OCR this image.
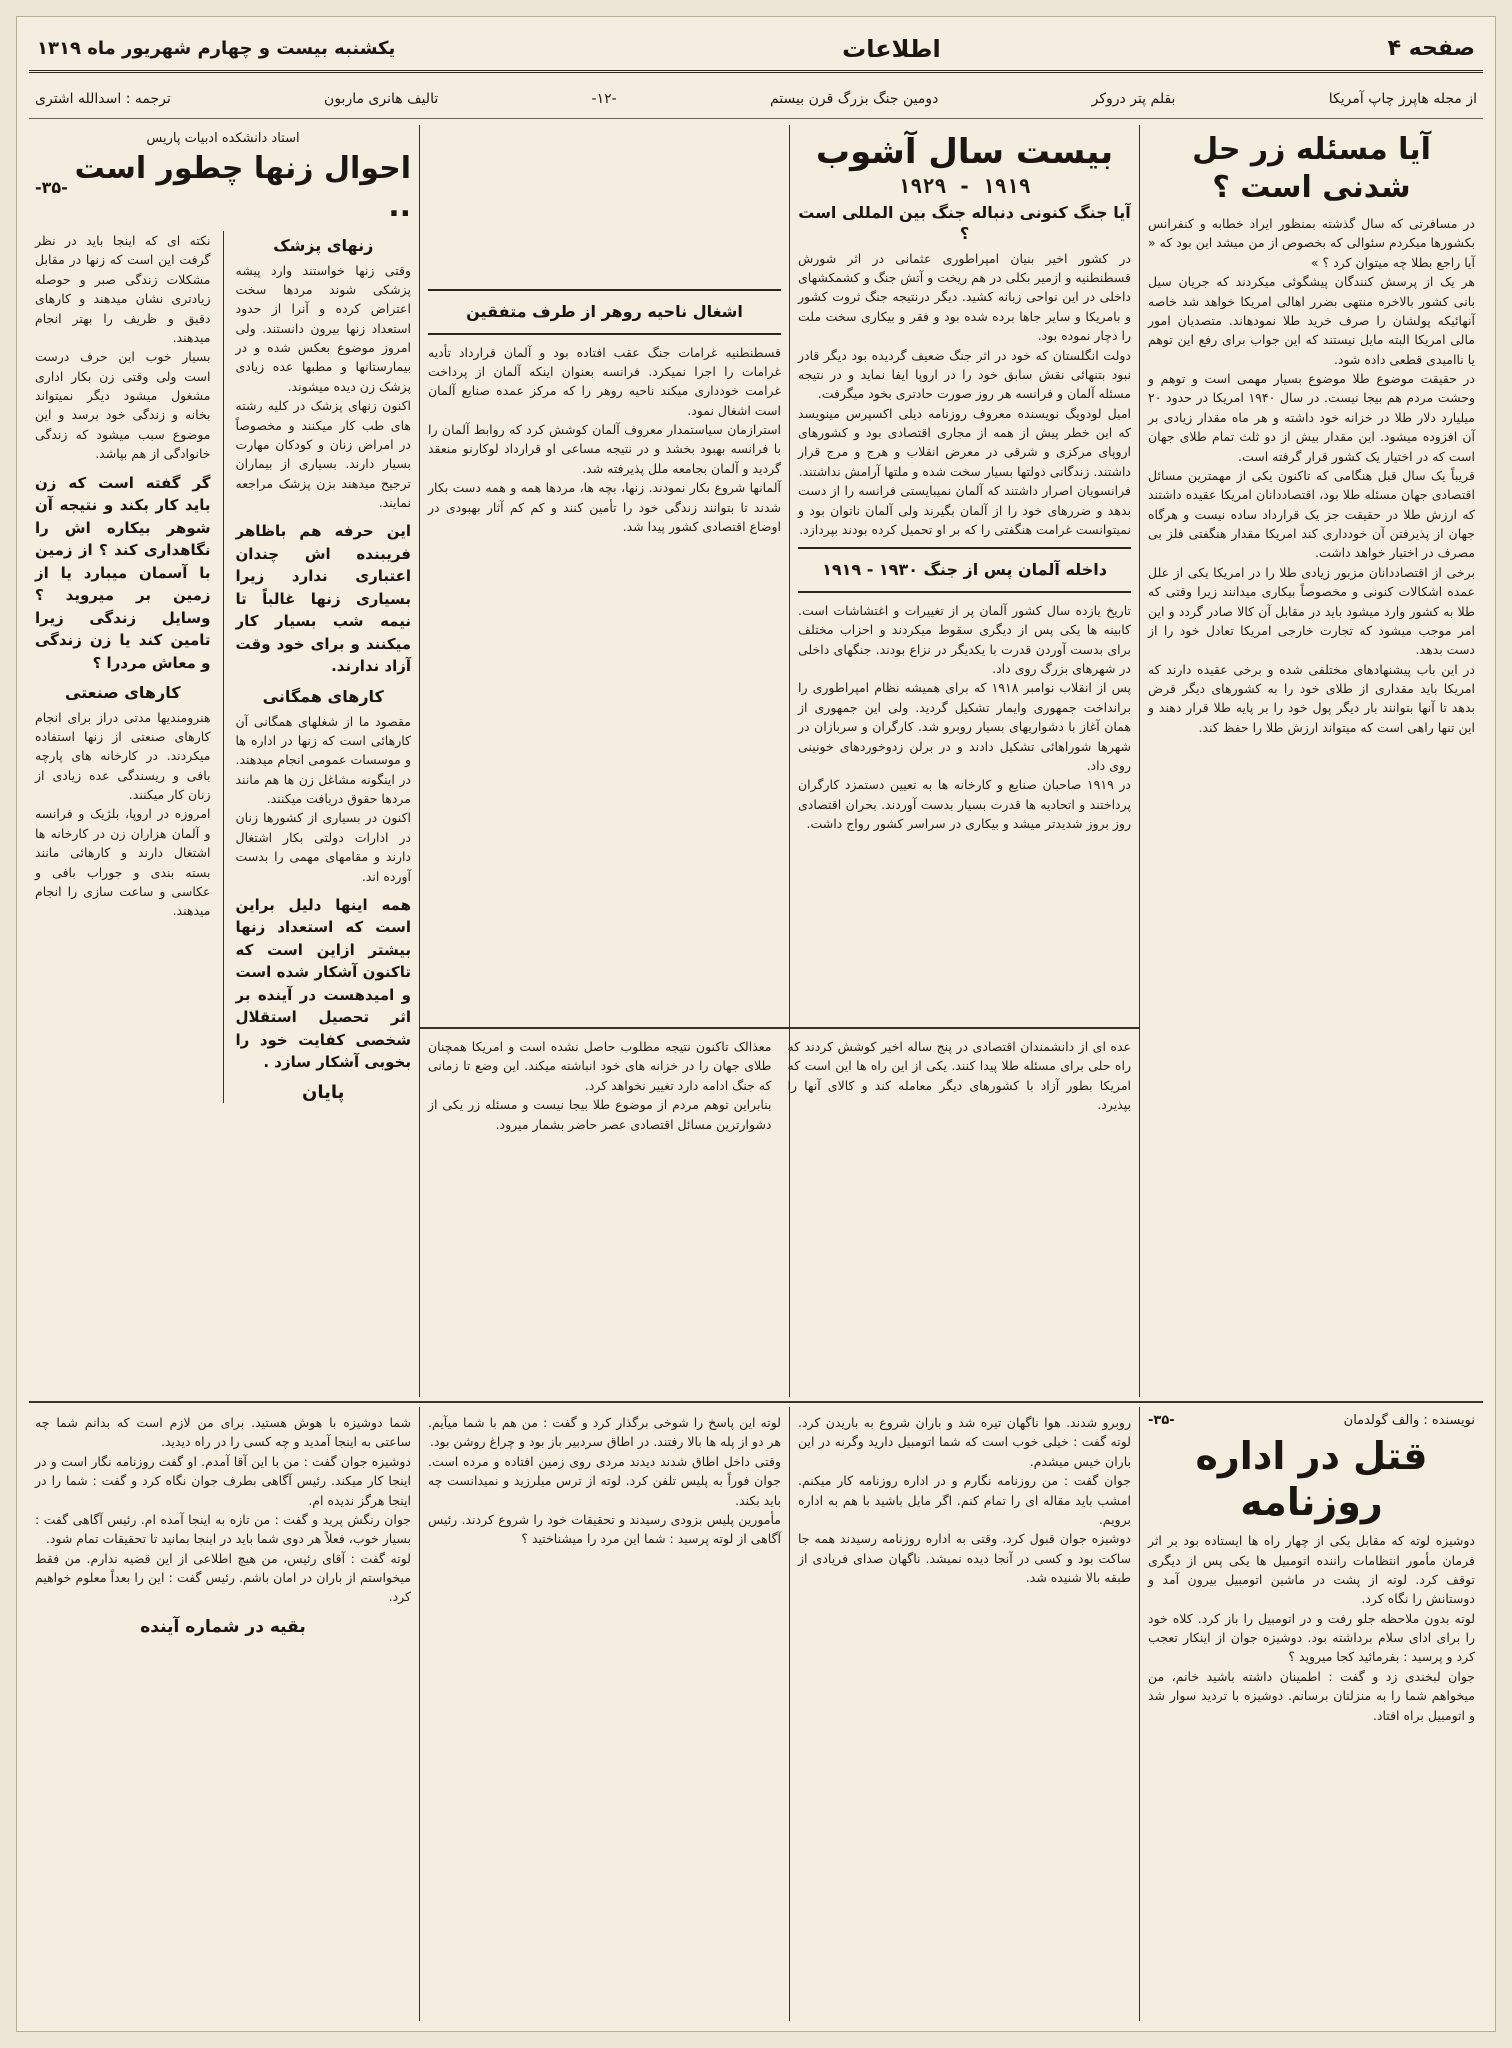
صفحه ۴
اطلاعات
یکشنبه بیست و چهارم شهریور ماه ۱۳۱۹
از مجله هاپرز چاپ آمریکا
بقلم پتر دروکر
دومین جنگ بزرگ قرن بیستم
-۱۲-
تالیف هانری ماربون
ترجمه : اسدالله اشتری
آیا مسئله زر حل شدنی است ؟

در مسافرتی که سال گذشته بمنظور ایراد خطابه و کنفرانس بکشورها میکردم سئوالی که بخصوص از من میشد این بود که « آیا راجع بطلا چه میتوان کرد ؟ »

هر یک از پرسش کنندگان پیشگوئی میکردند که جریان سیل بانی کشور بالاخره منتهی بضرر اهالی امریکا خواهد شد خاصه آنهائیکه پولشان را صرف خرید طلا نمودهاند. متصدیان امور مالی امریکا البته مایل نیستند که این جواب برای رفع این توهم یا ناامیدی قطعی داده شود.

در حقیقت موضوع طلا موضوع بسیار مهمی است و توهم و وحشت مردم هم بیجا نیست. در سال ۱۹۴۰ امریکا در حدود ۲۰ میلیارد دلار طلا در خزانه خود داشته و هر ماه مقدار زیادی بر آن افزوده میشود. این مقدار بیش از دو ثلث تمام طلای جهان است که در اختیار یک کشور قرار گرفته است.

قریباً یک سال قبل هنگامی که تاکنون یکی از مهمترین مسائل اقتصادی جهان مسئله طلا بود، اقتصاددانان امریکا عقیده داشتند که ارزش طلا در حقیقت جز یک قرارداد ساده نیست و هرگاه جهان از پذیرفتن آن خودداری کند امریکا مقدار هنگفتی فلز بی مصرف در اختیار خواهد داشت.

برخی از اقتصاددانان مزبور زیادی طلا را در امریکا یکی از علل عمده اشکالات کنونی و مخصوصاً بیکاری میدانند زیرا وقتی که طلا به کشور وارد میشود باید در مقابل آن کالا صادر گردد و این امر موجب میشود که تجارت خارجی امریکا تعادل خود را از دست بدهد.

در این باب پیشنهادهای مختلفی شده و برخی عقیده دارند که امریکا باید مقداری از طلای خود را به کشورهای دیگر قرض بدهد تا آنها بتوانند بار دیگر پول خود را بر پایه طلا قرار دهند و این تنها راهی است که میتواند ارزش طلا را حفظ کند.

بیست سال آشوب
۱۹۱۹ - ۱۹۲۹
آیا جنگ کنونی دنباله جنگ بین المللی است ؟

در کشور اخیر بنیان امپراطوری عثمانی در اثر شورش قسطنطنیه و ازمیر بکلی در هم ریخت و آتش جنگ و کشمکشهای داخلی در این نواحی زبانه کشید. دیگر درنتیجه جنگ ثروت کشور و بامریکا و سایر جاها برده شده بود و فقر و بیکاری سخت ملت را دچار نموده بود.

دولت انگلستان که خود در اثر جنگ ضعیف گردیده بود دیگر قادر نبود بتنهائی نقش سابق خود را در اروپا ایفا نماید و در نتیجه مسئله آلمان و فرانسه هر روز صورت حادتری بخود میگرفت.

امیل لودویگ نویسنده معروف روزنامه دیلی اکسپرس مینویسد که این خطر پیش از همه از مجاری اقتصادی بود و کشورهای اروپای مرکزی و شرقی در معرض انقلاب و هرج و مرج قرار داشتند. زندگانی دولتها بسیار سخت شده و ملتها آرامش نداشتند.

فرانسویان اصرار داشتند که آلمان نمیبایستی فرانسه را از دست بدهد و ضررهای خود را از آلمان بگیرند ولی آلمان ناتوان بود و نمیتوانست غرامت هنگفتی را که بر او تحمیل کرده بودند بپردازد.

داخله آلمان پس از جنگ ۱۹۳۰ - ۱۹۱۹

تاریخ یازده سال کشور آلمان پر از تغییرات و اغتشاشات است. کابینه ها یکی پس از دیگری سقوط میکردند و احزاب مختلف برای بدست آوردن قدرت با یکدیگر در نزاع بودند. جنگهای داخلی در شهرهای بزرگ روی داد.

پس از انقلاب نوامبر ۱۹۱۸ که برای همیشه نظام امپراطوری را برانداخت جمهوری وایمار تشکیل گردید. ولی این جمهوری از همان آغاز با دشواریهای بسیار روبرو شد. کارگران و سربازان در شهرها شوراهائی تشکیل دادند و در برلن زدوخوردهای خونینی روی داد.

در ۱۹۱۹ صاحبان صنایع و کارخانه ها به تعیین دستمزد کارگران پرداختند و اتحادیه ها قدرت بسیار بدست آوردند. بحران اقتصادی روز بروز شدیدتر میشد و بیکاری در سراسر کشور رواج داشت.

اشغال ناحیه روهر از طرف متفقین

قسطنطنیه غرامات جنگ عقب افتاده بود و آلمان قرارداد تأدیه غرامات را اجرا نمیکرد. فرانسه بعنوان اینکه آلمان از پرداخت غرامت خودداری میکند ناحیه روهر را که مرکز عمده صنایع آلمان است اشغال نمود.

استرازمان سیاستمدار معروف آلمان کوشش کرد که روابط آلمان را با فرانسه بهبود بخشد و در نتیجه مساعی او قرارداد لوکارنو منعقد گردید و آلمان بجامعه ملل پذیرفته شد.

آلمانها شروع بکار نمودند. زنها، بچه ها، مردها همه و همه دست بکار شدند تا بتوانند زندگی خود را تأمین کنند و کم کم آثار بهبودی در اوضاع اقتصادی کشور پیدا شد.

عده ای از دانشمندان اقتصادی در پنج ساله اخیر کوشش کردند که راه حلی برای مسئله طلا پیدا کنند. یکی از این راه ها این است که امریکا بطور آزاد با کشورهای دیگر معامله کند و کالای آنها را بپذیرد.

معذالک تاکنون نتیجه مطلوب حاصل نشده است و امریکا همچنان طلای جهان را در خزانه های خود انباشته میکند. این وضع تا زمانی که جنگ ادامه دارد تغییر نخواهد کرد.

بنابراین توهم مردم از موضوع طلا بیجا نیست و مسئله زر یکی از دشوارترین مسائل اقتصادی عصر حاضر بشمار میرود.

استاد دانشکده ادبیات پاریس
احوال زنها چطور است ..
-۳۵-
زنهای پزشک

وقتی زنها خواستند وارد پیشه پزشکی شوند مردها سخت اعتراض کرده و آنرا از حدود استعداد زنها بیرون دانستند. ولی امروز موضوع بعکس شده و در بیمارستانها و مطبها عده زیادی پزشک زن دیده میشوند.

اکنون زنهای پزشک در کلیه رشته های طب کار میکنند و مخصوصاً در امراض زنان و کودکان مهارت بسیار دارند. بسیاری از بیماران ترجیح میدهند بزن پزشک مراجعه نمایند.

این حرفه هم باظاهر فریبنده اش چندان اعتباری ندارد زیرا بسیاری زنها غالباً تا نیمه شب بسیار کار میکنند و برای خود وقت آزاد ندارند.
کارهای همگانی

مقصود ما از شغلهای همگانی آن کارهائی است که زنها در اداره ها و موسسات عمومی انجام میدهند. در اینگونه مشاغل زن ها هم مانند مردها حقوق دریافت میکنند.

اکنون در بسیاری از کشورها زنان در ادارات دولتی بکار اشتغال دارند و مقامهای مهمی را بدست آورده اند.

همه اینها دلیل براین است که استعداد زنها بیشتر ازاین است که تاکنون آشکار شده است و امیدهست در آینده بر اثر تحصیل استقلال شخصی کفایت خود را بخوبی آشکار سازد .
پایان

نکته ای که اینجا باید در نظر گرفت این است که زنها در مقابل مشکلات زندگی صبر و حوصله زیادتری نشان میدهند و کارهای دقیق و ظریف را بهتر انجام میدهند.

بسیار خوب این حرف درست است ولی وقتی زن بکار اداری مشغول میشود دیگر نمیتواند بخانه و زندگی خود برسد و این موضوع سبب میشود که زندگی خانوادگی از هم بپاشد.

گر گفته است که زن باید کار بکند و نتیجه آن شوهر بیکاره اش را نگاهداری کند ؟ از زمین با آسمان میبارد یا از زمین بر میروید ؟ وسایل زندگی زیرا تامین کند یا زن زندگی و معاش مردرا ؟
کارهای صنعتی

هنرومندیها مدتی دراز برای انجام کارهای صنعتی از زنها استفاده میکردند. در کارخانه های پارچه بافی و ریسندگی عده زیادی از زنان کار میکنند.

امروزه در اروپا، بلژیک و فرانسه و آلمان هزاران زن در کارخانه ها اشتغال دارند و کارهائی مانند بسته بندی و جوراب بافی و عکاسی و ساعت سازی را انجام میدهند.

نویسنده : والف گولدمان
-۳۵-
قتل در اداره روزنامه

دوشیزه لوته که مقابل یکی از چهار راه ها ایستاده بود بر اثر فرمان مأمور انتظامات راننده اتومبیل ها یکی پس از دیگری توقف کرد. لوته از پشت در ماشین اتومبیل بیرون آمد و دوستانش را نگاه کرد.

لوته بدون ملاحظه جلو رفت و در اتومبیل را باز کرد. کلاه خود را برای ادای سلام برداشته بود. دوشیزه جوان از اینکار تعجب کرد و پرسید : بفرمائید کجا میروید ؟

جوان لبخندی زد و گفت : اطمینان داشته باشید خانم، من میخواهم شما را به منزلتان برسانم. دوشیزه با تردید سوار شد و اتومبیل براه افتاد.

روبرو شدند. هوا ناگهان تیره شد و باران شروع به باریدن کرد. لوته گفت : خیلی خوب است که شما اتومبیل دارید وگرنه در این باران خیس میشدم.

جوان گفت : من روزنامه نگارم و در اداره روزنامه کار میکنم. امشب باید مقاله ای را تمام کنم. اگر مایل باشید با هم به اداره برویم.

دوشیزه جوان قبول کرد. وقتی به اداره روزنامه رسیدند همه جا ساکت بود و کسی در آنجا دیده نمیشد. ناگهان صدای فریادی از طبقه بالا شنیده شد.

لوته این پاسخ را شوخی برگذار کرد و گفت : من هم با شما میآیم. هر دو از پله ها بالا رفتند. در اطاق سردبیر باز بود و چراغ روشن بود.

وقتی داخل اطاق شدند دیدند مردی روی زمین افتاده و مرده است. جوان فوراً به پلیس تلفن کرد. لوته از ترس میلرزید و نمیدانست چه باید بکند.

مأمورین پلیس بزودی رسیدند و تحقیقات خود را شروع کردند. رئیس آگاهی از لوته پرسید : شما این مرد را میشناختید ؟

شما دوشیزه با هوش هستید. برای من لازم است که بدانم شما چه ساعتی به اینجا آمدید و چه کسی را در راه دیدید.

دوشیزه جوان گفت : من با این آقا آمدم. او گفت روزنامه نگار است و در اینجا کار میکند. رئیس آگاهی بطرف جوان نگاه کرد و گفت : شما را در اینجا هرگز ندیده ام.

جوان رنگش پرید و گفت : من تازه به اینجا آمده ام. رئیس آگاهی گفت : بسیار خوب، فعلاً هر دوی شما باید در اینجا بمانید تا تحقیقات تمام شود.

لوته گفت : آقای رئیس، من هیچ اطلاعی از این قضیه ندارم. من فقط میخواستم از باران در امان باشم. رئیس گفت : این را بعداً معلوم خواهیم کرد.

بقیه در شماره آینده
